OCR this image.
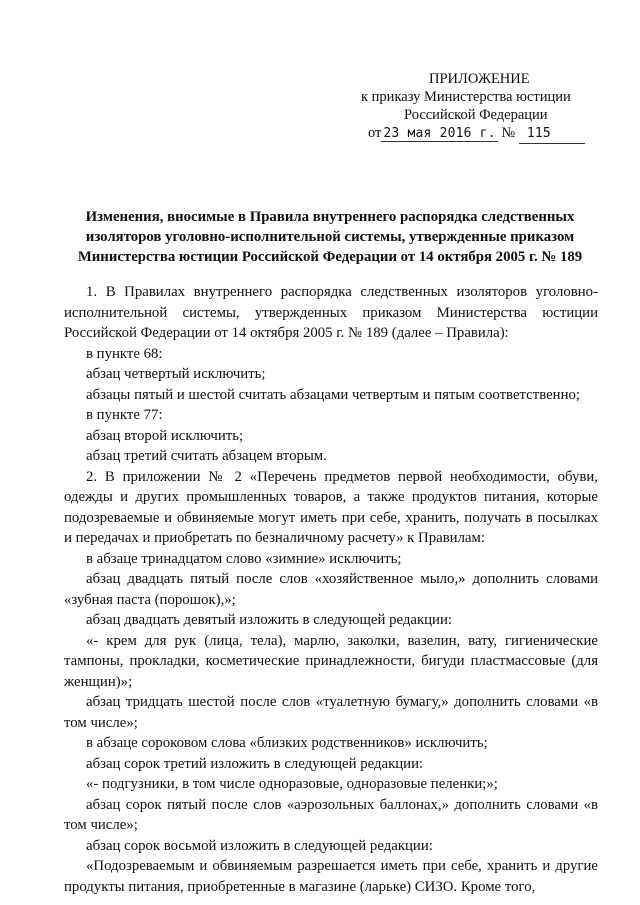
ПРИЛОЖЕНИЕ
к приказу Министерства юстиции
Российской Федерации
от 23 мая 2016 г. № 115
Изменения, вносимые в Правила внутреннего распорядка следственных
изоляторов уголовно-исполнительной системы, утвержденные приказом
Министерства юстиции Российской Федерации от 14 октября 2005 г. № 189

1. В Правилах внутреннего распорядка следственных изоляторов уголовно-исполнительной системы, утвержденных приказом Министерства юстиции Российской Федерации от 14 октября 2005 г. № 189 (далее – Правила):

в пункте 68:

абзац четвертый исключить;

абзацы пятый и шестой считать абзацами четвертым и пятым соответственно;

в пункте 77:

абзац второй исключить;

абзац третий считать абзацем вторым.

2. В приложении № 2 «Перечень предметов первой необходимости, обуви, одежды и других промышленных товаров, а также продуктов питания, которые подозреваемые и обвиняемые могут иметь при себе, хранить, получать в посылках и передачах и приобретать по безналичному расчету» к Правилам:

в абзаце тринадцатом слово «зимние» исключить;

абзац двадцать пятый после слов «хозяйственное мыло,» дополнить словами «зубная паста (порошок),»;

абзац двадцать девятый изложить в следующей редакции:

«- крем для рук (лица, тела), марлю, заколки, вазелин, вату, гигиенические тампоны, прокладки, косметические принадлежности, бигуди пластмассовые (для женщин)»;

абзац тридцать шестой после слов «туалетную бумагу,» дополнить словами «в том числе»;

в абзаце сороковом слова «близких родственников» исключить;

абзац сорок третий изложить в следующей редакции:

«- подгузники, в том числе одноразовые, одноразовые пеленки;»;

абзац сорок пятый после слов «аэрозольных баллонах,» дополнить словами «в том числе»;

абзац сорок восьмой изложить в следующей редакции:

«Подозреваемым и обвиняемым разрешается иметь при себе, хранить и другие продукты питания, приобретенные в магазине (ларьке) СИЗО. Кроме того,
